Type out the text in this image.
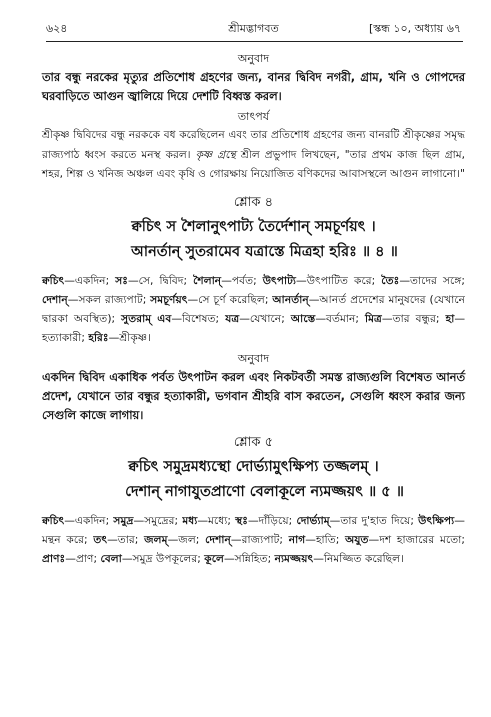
৬২৪	শ্রীমদ্ভাগবত	[স্কন্ধ ১০, অধ্যায় ৬৭

অনুবাদ

তার বন্ধু নরকের মৃত্যুর প্রতিশোধ গ্রহণের জন্য, বানর দ্বিবিদ নগরী, গ্রাম, খনি ও গোপদের ঘরবাড়িতে আগুন জ্বালিয়ে দিয়ে দেশটি বিধ্বস্ত করল।

তাৎপর্য

শ্রীকৃষ্ণ দ্বিবিদের বন্ধু নরককে বধ করেছিলেন এবং তার প্রতিশোধ গ্রহণের জন্য বানরটি শ্রীকৃষ্ণের সমৃদ্ধ রাজ্যপাঠ ধ্বংস করতে মনস্থ করল। কৃষ্ণ গ্রন্থে শ্রীল প্রভুপাদ লিখছেন, "তার প্রথম কাজ ছিল গ্রাম, শহর, শিল্প ও খনিজ অঞ্চল এবং কৃষি ও গোরক্ষায় নিয়োজিত বণিকদের আবাসস্থলে আগুন লাগানো।"

শ্লোক ৪

ক্বচিৎ স শৈলানুৎপাট্য তৈর্দেশান্ সমচূর্ণয়ৎ ।

আনর্তান্ সুতরামেব যত্রাস্তে মিত্রহা হরিঃ ॥ ৪ ॥

ক্বচিৎ—একদিন; সঃ—সে, দ্বিবিদ; শৈলান্—পর্বত; উৎপাট্য—উৎপাটিত করে; তৈঃ—তাদের সঙ্গে; দেশান্—সকল রাজ্যপাট; সমচূর্ণয়ৎ—সে চূর্ণ করেছিল; আনর্তান্—আনর্ত প্রদেশের মানুষদের (যেখানে দ্বারকা অবস্থিত); সুতরাম্ এব—বিশেষত; যত্র—যেখানে; আস্তে—বর্তমান; মিত্র—তার বন্ধুর; হা—হত্যাকারী; হরিঃ—শ্রীকৃষ্ণ।

অনুবাদ

একদিন দ্বিবিদ একাধিক পর্বত উৎপাটন করল এবং নিকটবর্তী সমস্ত রাজ্যগুলি বিশেষত আনর্ত প্রদেশ, যেখানে তার বন্ধুর হত্যাকারী, ভগবান শ্রীহরি বাস করতেন, সেগুলি ধ্বংস করার জন্য সেগুলি কাজে লাগায়।

শ্লোক ৫

ক্বচিৎ সমুদ্রমধ্যস্থো দোর্ভ্যামুৎক্ষিপ্য তজ্জলম্ ।

দেশান্ নাগাযুতপ্রাণো বেলাকূলে ন্যমজ্জয়ৎ ॥ ৫ ॥

ক্বচিৎ—একদিন; সমুদ্র—সমুদ্রের; মধ্য—মধ্যে; স্থঃ—দাঁড়িয়ে; দোর্ভ্যাম্—তার দু'হাত দিয়ে; উৎক্ষিপ্য—মন্থন করে; তৎ—তার; জলম্—জল; দেশান্—রাজ্যপাট; নাগ—হাতি; অযুত—দশ হাজারের মতো; প্রাণঃ—প্রাণ; বেলা—সমুদ্র উপকূলের; কূলে—সন্নিহিত; ন্যমজ্জয়ৎ—নিমজ্জিত করেছিল।
